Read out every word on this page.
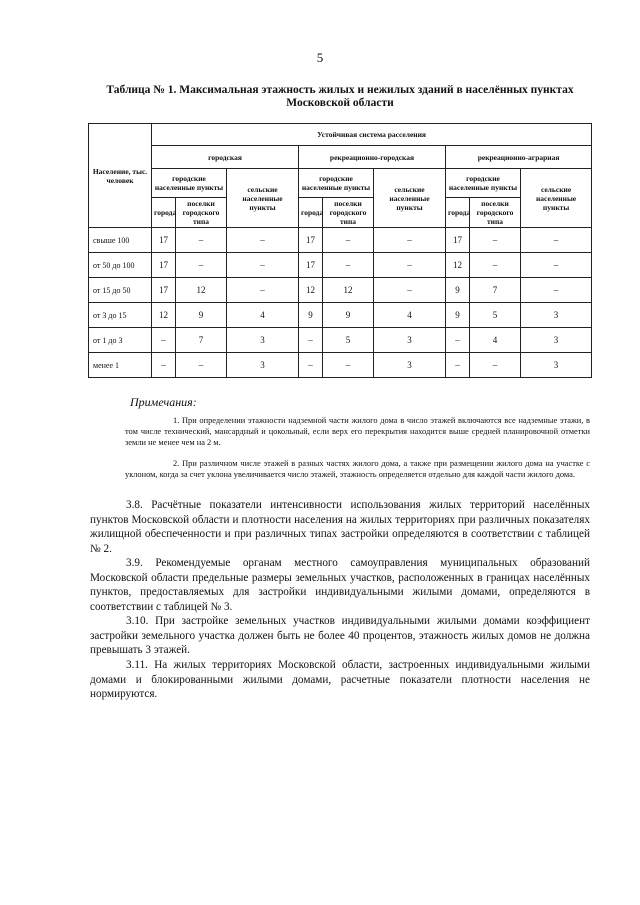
5
Таблица № 1. Максимальная этажность жилых и нежилых зданий в населённых пунктах Московской области
Население, тыс. человек	Устойчивая система расселения								
	городская			рекреационно-городская			рекреационно-аграрная		
	городские населенные пункты		сельские населенные пункты	городские населенные пункты		сельские населенные пункты	городские населенные пункты		сельские населенные пункты
	города	поселки городского типа		города	поселки городского типа		города	поселки городского типа	
свыше 100	17	–	–	17	–	–	17	–	–
от 50 до 100	17	–	–	17	–	–	12	–	–
от 15 до 50	17	12	–	12	12	–	9	7	–
от 3 до 15	12	9	4	9	9	4	9	5	3
от 1 до 3	–	7	3	–	5	3	–	4	3
менее 1	–	–	3	–	–	3	–	–	3
Примечания:
1. При определении этажности надземной части жилого дома в число этажей включаются все надземные этажи, в том числе технический, мансардный и цокольный, если верх его перекрытия находится выше средней планировочной отметки земли не менее чем на 2 м.
2. При различном числе этажей в разных частях жилого дома, а также при размещении жилого дома на участке с уклоном, когда за счет уклона увеличивается число этажей, этажность определяется отдельно для каждой части жилого дома.
3.8. Расчётные показатели интенсивности использования жилых территорий населённых пунктов Московской области и плотности населения на жилых территориях при различных показателях жилищной обеспеченности и при различных типах застройки определяются в соответствии с таблицей № 2.
3.9. Рекомендуемые органам местного самоуправления муниципальных образований Московской области предельные размеры земельных участков, расположенных в границах населённых пунктов, предоставляемых для застройки индивидуальными жилыми домами, определяются в соответствии с таблицей № 3.
3.10. При застройке земельных участков индивидуальными жилыми домами коэффициент застройки земельного участка должен быть не более 40 процентов, этажность жилых домов не должна превышать 3 этажей.
3.11. На жилых территориях Московской области, застроенных индивидуальными жилыми домами и блокированными жилыми домами, расчетные показатели плотности населения не нормируются.
